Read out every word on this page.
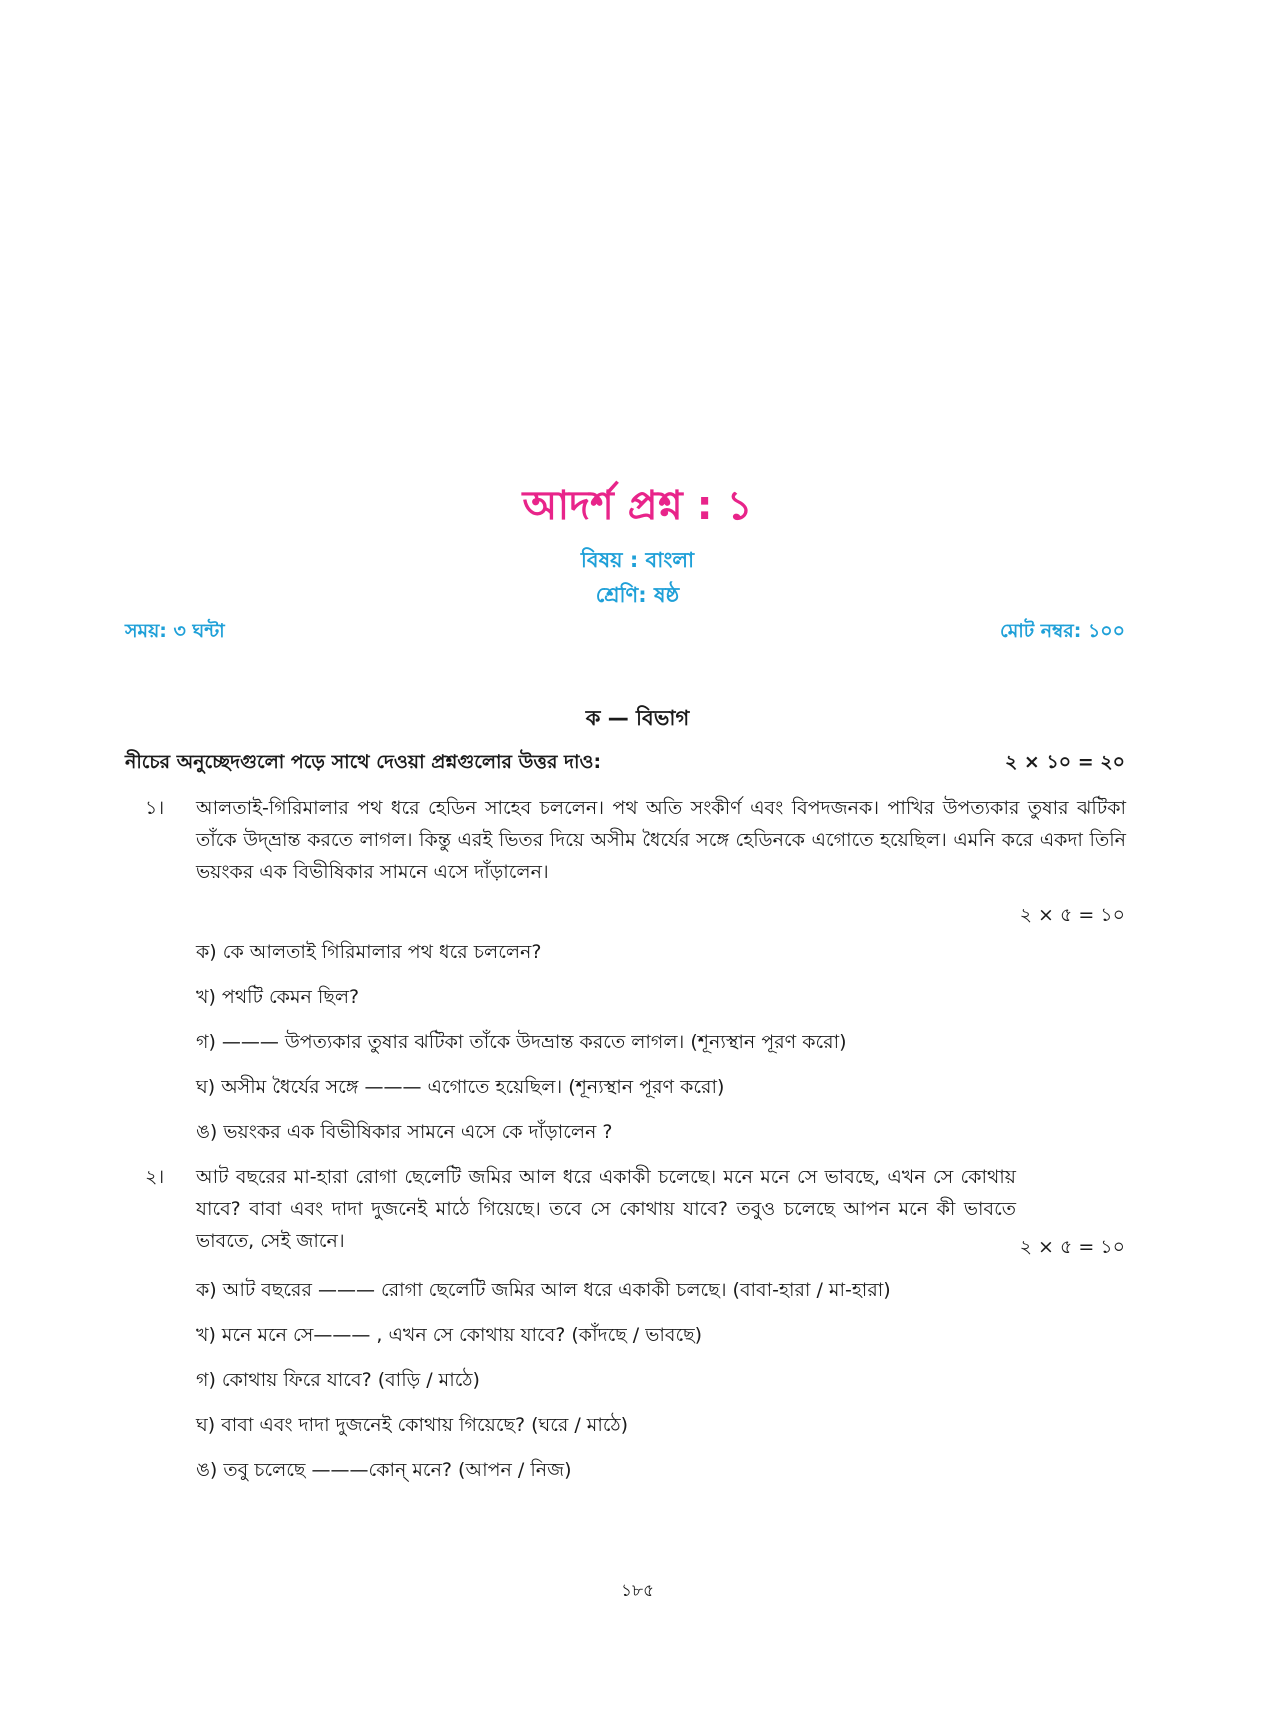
আদর্শ প্রশ্ন : ১
বিষয় : বাংলা
শ্রেণি: ষষ্ঠ
সময়: ৩ ঘন্টা	মোট নম্বর: ১০০
ক — বিভাগ
নীচের অনুচ্ছেদগুলো পড়ে সাথে দেওয়া প্রশ্নগুলোর উত্তর দাও:	২ × ১০ = ২০
১। আলতাই-গিরিমালার পথ ধরে হেডিন সাহেব চললেন। পথ অতি সংকীর্ণ এবং বিপদজনক। পাখির উপত্যকার তুষার ঝটিকা তাঁকে উদ্‌ভ্রান্ত করতে লাগল। কিন্তু এরই ভিতর দিয়ে অসীম ধৈর্যের সঙ্গে হেডিনকে এগোতে হয়েছিল। এমনি করে একদা তিনি ভয়ংকর এক বিভীষিকার সামনে এসে দাঁড়ালেন।

২ × ৫ = ১০
ক) কে আলতাই গিরিমালার পথ ধরে চললেন?
খ) পথটি কেমন ছিল?
গ) ——— উপত্যকার তুষার ঝটিকা তাঁকে উদভ্রান্ত করতে লাগল। (শূন্যস্থান পূরণ করো)
ঘ) অসীম ধৈর্যের সঙ্গে ——— এগোতে হয়েছিল। (শূন্যস্থান পূরণ করো)
ঙ) ভয়ংকর এক বিভীষিকার সামনে এসে কে দাঁড়ালেন ?
২। আট বছরের মা-হারা রোগা ছেলেটি জমির আল ধরে একাকী চলেছে। মনে মনে সে ভাবছে, এখন সে কোথায় যাবে? বাবা এবং দাদা দুজনেই মাঠে গিয়েছে। তবে সে কোথায় যাবে? তবুও চলেছে আপন মনে কী ভাবতে ভাবতে, সেই জানে।	২ × ৫ = ১০
ক) আট বছরের ——— রোগা ছেলেটি জমির আল ধরে একাকী চলছে। (বাবা-হারা / মা-হারা)
খ) মনে মনে সে——— , এখন সে কোথায় যাবে? (কাঁদছে / ভাবছে)
গ) কোথায় ফিরে যাবে? (বাড়ি / মাঠে)
ঘ) বাবা এবং দাদা দুজনেই কোথায় গিয়েছে? (ঘরে / মাঠে)
ঙ) তবু চলেছে ———কোন্ মনে? (আপন / নিজ)
১৮৫
